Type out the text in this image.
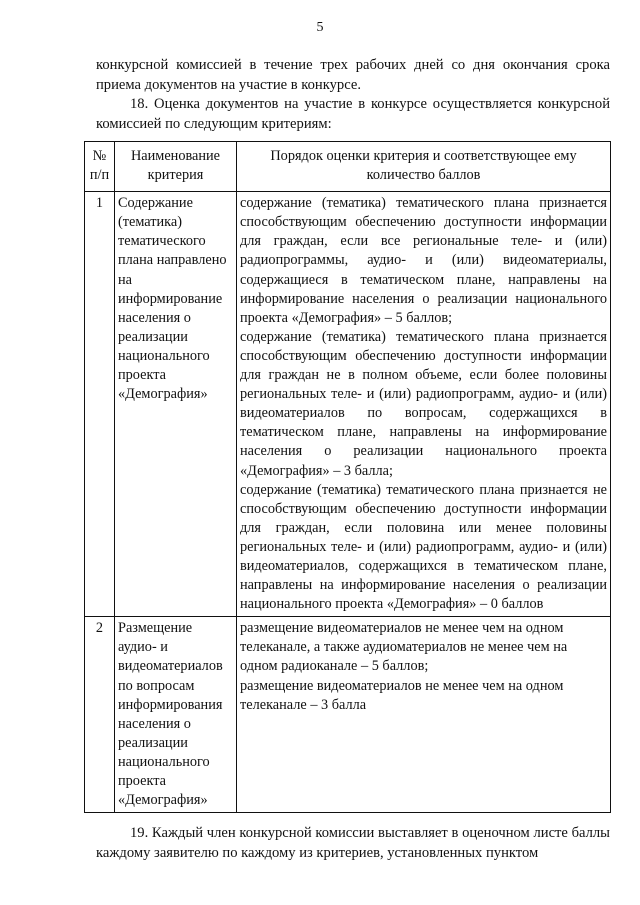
5

конкурсной комиссией в течение трех рабочих дней со дня окончания срока приема документов на участие в конкурсе.

18. Оценка документов на участие в конкурсе осуществляется конкурсной комиссией по следующим критериям:

№ п/п	Наименование критерия	Порядок оценки критерия и соответствующее ему количество баллов
1	Содержание (тематика) тематического плана направлено на информирование населения о реализации национального проекта «Демография»	содержание (тематика) тематического плана признается способствующим обеспечению доступности информации для граждан, если все региональные теле- и (или) радиопрограммы, аудио- и (или) видеоматериалы, содержащиеся в тематическом плане, направлены на информирование населения о реализации национального проекта «Демография» – 5 баллов;

содержание (тематика) тематического плана признается способствующим обеспечению доступности информации для граждан не в полном объеме, если более половины региональных теле- и (или) радиопрограмм, аудио- и (или) видеоматериалов по вопросам, содержащихся в тематическом плане, направлены на информирование населения о реализации национального проекта «Демография» – 3 балла;

содержание (тематика) тематического плана признается не способствующим обеспечению доступности информации для граждан, если половина или менее половины региональных теле- и (или) радиопрограмм, аудио- и (или) видеоматериалов, содержащихся в тематическом плане, направлены на информирование населения о реализации национального проекта «Демография» – 0 баллов

2	Размещение аудио- и видеоматериалов по вопросам информирования населения о реализации национального проекта «Демография»	размещение видеоматериалов не менее чем на одном телеканале, а также аудиоматериалов не менее чем на одном радиоканале – 5 баллов;

размещение видеоматериалов не менее чем на одном телеканале – 3 балла

19. Каждый член конкурсной комиссии выставляет в оценочном листе баллы каждому заявителю по каждому из критериев, установленных пунктом
